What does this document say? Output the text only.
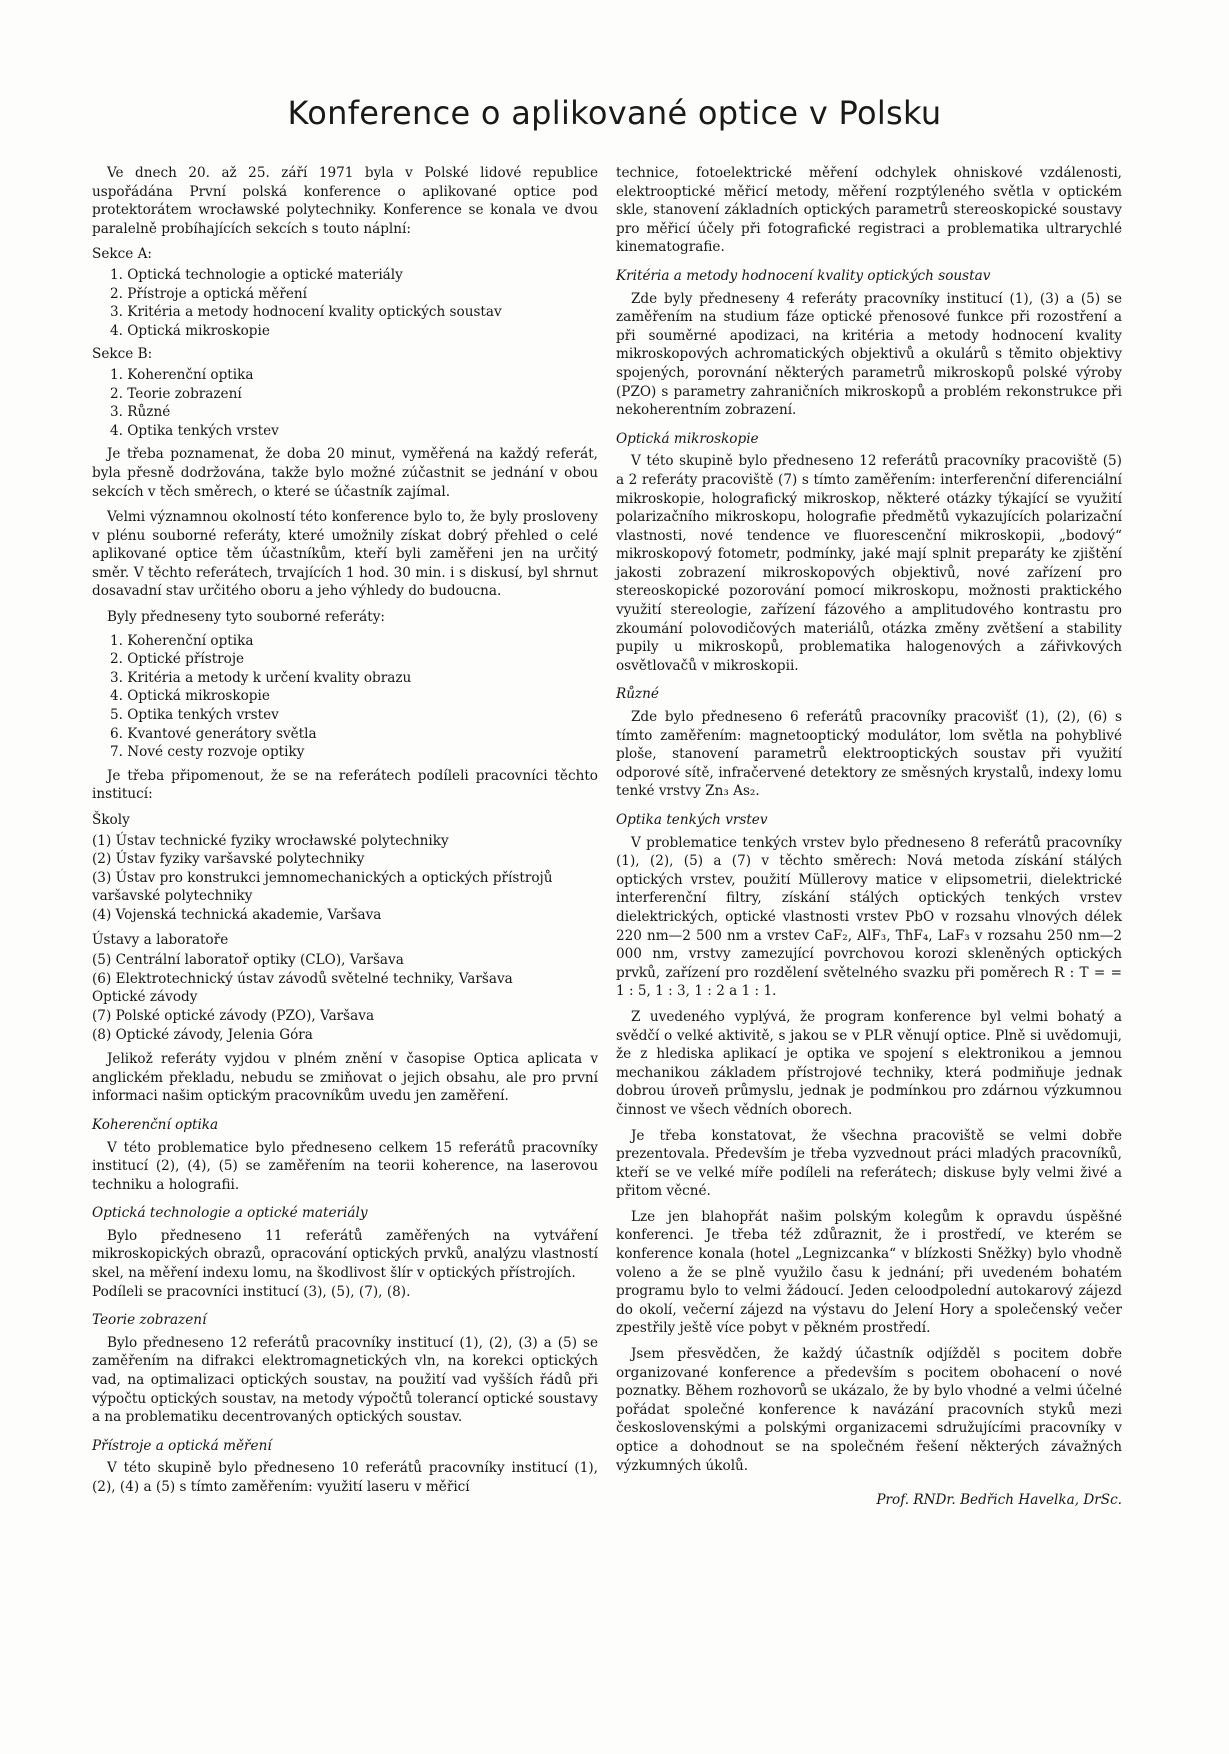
Konference o aplikované optice v Polsku

Ve dnech 20. až 25. září 1971 byla v Polské lidové republice uspořádána První polská konference o aplikované optice pod protektorátem wrocławské polytechniky. Konference se konala ve dvou paralelně probíhajících sekcích s touto náplní:

Sekce A:
1. Optická technologie a optické materiály
2. Přístroje a optická měření
3. Kritéria a metody hodnocení kvality optických soustav
4. Optická mikroskopie
Sekce B:
1. Koherenční optika
2. Teorie zobrazení
3. Různé
4. Optika tenkých vrstev

Je třeba poznamenat, že doba 20 minut, vyměřená na každý referát, byla přesně dodržována, takže bylo možné zúčastnit se jednání v obou sekcích v těch směrech, o které se účastník zajímal.

Velmi významnou okolností této konference bylo to, že byly prosloveny v plénu souborné referáty, které umožnily získat dobrý přehled o celé aplikované optice těm účastníkům, kteří byli zaměřeni jen na určitý směr. V těchto referátech, trvajících 1 hod. 30 min. i s diskusí, byl shrnut dosavadní stav určitého oboru a jeho výhledy do budoucna.

Byly předneseny tyto souborné referáty:

1. Koherenční optika
2. Optické přístroje
3. Kritéria a metody k určení kvality obrazu
4. Optická mikroskopie
5. Optika tenkých vrstev
6. Kvantové generátory světla
7. Nové cesty rozvoje optiky

Je třeba připomenout, že se na referátech podíleli pracovníci těchto institucí:

Školy
(1) Ústav technické fyziky wrocławské polytechniky
(2) Ústav fyziky varšavské polytechniky
(3) Ústav pro konstrukci jemnomechanických a optických přístrojů varšavské polytechniky
(4) Vojenská technická akademie, Varšava
Ústavy a laboratoře
(5) Centrální laboratoř optiky (CLO), Varšava
(6) Elektrotechnický ústav závodů světelné techniky, Varšava
Optické závody
(7) Polské optické závody (PZO), Varšava
(8) Optické závody, Jelenia Góra

Jelikož referáty vyjdou v plném znění v časopise Optica aplicata v anglickém překladu, nebudu se zmiňovat o jejich obsahu, ale pro první informaci našim optickým pracovníkům uvedu jen zaměření.

Koherenční optika

V této problematice bylo předneseno celkem 15 referátů pracovníky institucí (2), (4), (5) se zaměřením na teorii koherence, na laserovou techniku a holografii.

Optická technologie a optické materiály

Bylo předneseno 11 referátů zaměřených na vytváření mikroskopických obrazů, opracování optických prvků, analýzu vlastností skel, na měření indexu lomu, na škodlivost šlír v optických přístrojích.

Podíleli se pracovníci institucí (3), (5), (7), (8).

Teorie zobrazení

Bylo předneseno 12 referátů pracovníky institucí (1), (2), (3) a (5) se zaměřením na difrakci elektromagnetických vln, na korekci optických vad, na optimalizaci optických soustav, na použití vad vyšších řádů při výpočtu optických soustav, na metody výpočtů tolerancí optické soustavy a na problematiku decentrovaných optických soustav.

Přístroje a optická měření

V této skupině bylo předneseno 10 referátů pracovníky institucí (1), (2), (4) a (5) s tímto zaměřením: využití laseru v měřicí

technice, fotoelektrické měření odchylek ohniskové vzdálenosti, elektrooptické měřicí metody, měření rozptýleného světla v optickém skle, stanovení základních optických parametrů stereoskopické soustavy pro měřicí účely při fotografické registraci a problematika ultrarychlé kinematografie.

Kritéria a metody hodnocení kvality optických soustav

Zde byly předneseny 4 referáty pracovníky institucí (1), (3) a (5) se zaměřením na studium fáze optické přenosové funkce při rozostření a při souměrné apodizaci, na kritéria a metody hodnocení kvality mikroskopových achromatických objektivů a okulárů s těmito objektivy spojených, porovnání některých parametrů mikroskopů polské výroby (PZO) s parametry zahraničních mikroskopů a problém rekonstrukce při nekoherentním zobrazení.

Optická mikroskopie

V této skupině bylo předneseno 12 referátů pracovníky pracoviště (5) a 2 referáty pracoviště (7) s tímto zaměřením: interferenční diferenciální mikroskopie, holografický mikroskop, některé otázky týkající se využití polarizačního mikroskopu, holografie předmětů vykazujících polarizační vlastnosti, nové tendence ve fluorescenční mikroskopii, „bodový“ mikroskopový fotometr, podmínky, jaké mají splnit preparáty ke zjištění jakosti zobrazení mikroskopových objektivů, nové zařízení pro stereoskopické pozorování pomocí mikroskopu, možnosti praktického využití stereologie, zařízení fázového a amplitudového kontrastu pro zkoumání polovodičových materiálů, otázka změny zvětšení a stability pupily u mikroskopů, problematika halogenových a zářivkových osvětlovačů v mikroskopii.

Různé

Zde bylo předneseno 6 referátů pracovníky pracovišť (1), (2), (6) s tímto zaměřením: magnetooptický modulátor, lom světla na pohyblivé ploše, stanovení parametrů elektrooptických soustav při využití odporové sítě, infračervené detektory ze směsných krystalů, indexy lomu tenké vrstvy Zn₃ As₂.

Optika tenkých vrstev

V problematice tenkých vrstev bylo předneseno 8 referátů pracovníky (1), (2), (5) a (7) v těchto směrech: Nová metoda získání stálých optických vrstev, použití Müllerovy matice v elipsometrii, dielektrické interferenční filtry, získání stálých optických tenkých vrstev dielektrických, optické vlastnosti vrstev PbO v rozsahu vlnových délek 220 nm—2 500 nm a vrstev CaF₂, AlF₃, ThF₄, LaF₃ v rozsahu 250 nm—2 000 nm, vrstvy zamezující povrchovou korozi skleněných optických prvků, zařízení pro rozdělení světelného svazku při poměrech R : T = = 1 : 5, 1 : 3, 1 : 2 a 1 : 1.

Z uvedeného vyplývá, že program konference byl velmi bohatý a svědčí o velké aktivitě, s jakou se v PLR věnují optice. Plně si uvědomuji, že z hlediska aplikací je optika ve spojení s elektronikou a jemnou mechanikou základem přístrojové techniky, která podmiňuje jednak dobrou úroveň průmyslu, jednak je podmínkou pro zdárnou výzkumnou činnost ve všech vědních oborech.

Je třeba konstatovat, že všechna pracoviště se velmi dobře prezentovala. Především je třeba vyzvednout práci mladých pracovníků, kteří se ve velké míře podíleli na referátech; diskuse byly velmi živé a přitom věcné.

Lze jen blahopřát našim polským kolegům k opravdu úspěšné konferenci. Je třeba též zdůraznit, že i prostředí, ve kterém se konference konala (hotel „Legnizcanka“ v blízkosti Sněžky) bylo vhodně voleno a že se plně využilo času k jednání; při uvedeném bohatém programu bylo to velmi žádoucí. Jeden celoodpolední autokarový zájezd do okolí, večerní zájezd na výstavu do Jelení Hory a společenský večer zpestřily ještě více pobyt v pěkném prostředí.

Jsem přesvědčen, že každý účastník odjížděl s pocitem dobře organizované konference a především s pocitem obohacení o nové poznatky. Během rozhovorů se ukázalo, že by bylo vhodné a velmi účelné pořádat společné konference k navázání pracovních styků mezi československými a polskými organizacemi sdružujícími pracovníky v optice a dohodnout se na společném řešení některých závažných výzkumných úkolů.

Prof. RNDr. Bedřich Havelka, DrSc.
